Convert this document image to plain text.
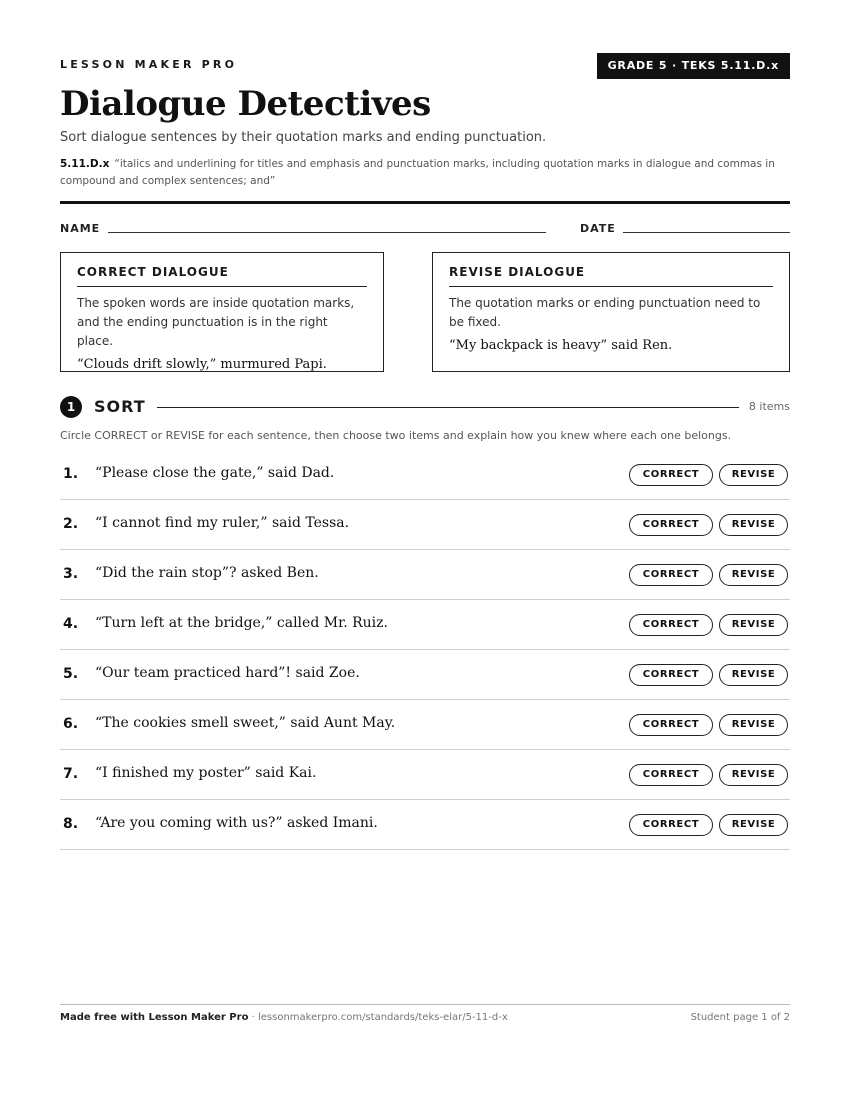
LESSON MAKER PRO	GRADE 5 · TEKS 5.11.D.x
Dialogue Detectives
Sort dialogue sentences by their quotation marks and ending punctuation.
5.11.D.x “italics and underlining for titles and emphasis and punctuation marks, including quotation marks in dialogue and commas in compound and complex sentences; and”
NAME	DATE
CORRECT DIALOGUE
The spoken words are inside quotation marks, and the ending punctuation is in the right place.
“Clouds drift slowly,” murmured Papi.
REVISE DIALOGUE
The quotation marks or ending punctuation need to be fixed.
“My backpack is heavy” said Ren.
1	SORT	8 items
Circle CORRECT or REVISE for each sentence, then choose two items and explain how you knew where each one belongs.
1. “Please close the gate,” said Dad.	CORRECT	REVISE
2. “I cannot find my ruler,” said Tessa.	CORRECT	REVISE
3. “Did the rain stop”? asked Ben.	CORRECT	REVISE
4. “Turn left at the bridge,” called Mr. Ruiz.	CORRECT	REVISE
5. “Our team practiced hard”! said Zoe.	CORRECT	REVISE
6. “The cookies smell sweet,” said Aunt May.	CORRECT	REVISE
7. “I finished my poster” said Kai.	CORRECT	REVISE
8. “Are you coming with us?” asked Imani.	CORRECT	REVISE
Made free with Lesson Maker Pro · lessonmakerpro.com/standards/teks-elar/5-11-d-x	Student page 1 of 2
